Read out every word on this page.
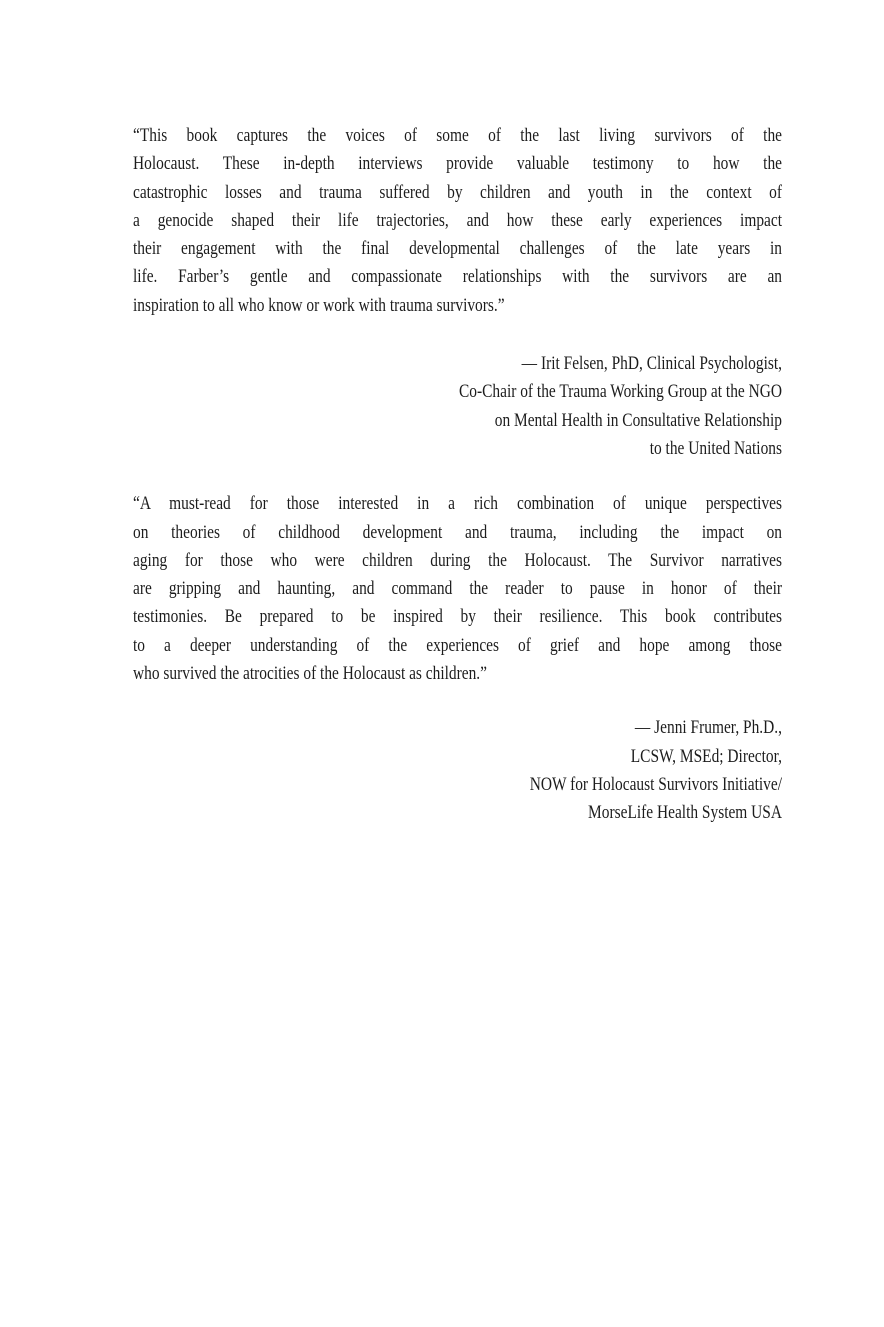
“This book captures the voices of some of the last living survivors of the
Holocaust. These in-depth interviews provide valuable testimony to how the
catastrophic losses and trauma suffered by children and youth in the context of
a genocide shaped their life trajectories, and how these early experiences impact
their engagement with the final developmental challenges of the late years in
life. Farber’s gentle and compassionate relationships with the survivors are an
inspiration to all who know or work with trauma survivors.”
— Irit Felsen, PhD, Clinical Psychologist,
Co-Chair of the Trauma Working Group at the NGO
on Mental Health in Consultative Relationship
to the United Nations
“A must-read for those interested in a rich combination of unique perspectives
on theories of childhood development and trauma, including the impact on
aging for those who were children during the Holocaust. The Survivor narratives
are gripping and haunting, and command the reader to pause in honor of their
testimonies. Be prepared to be inspired by their resilience. This book contributes
to a deeper understanding of the experiences of grief and hope among those
who survived the atrocities of the Holocaust as children.”
— Jenni Frumer, Ph.D.,
LCSW, MSEd; Director,
NOW for Holocaust Survivors Initiative/
MorseLife Health System USA
